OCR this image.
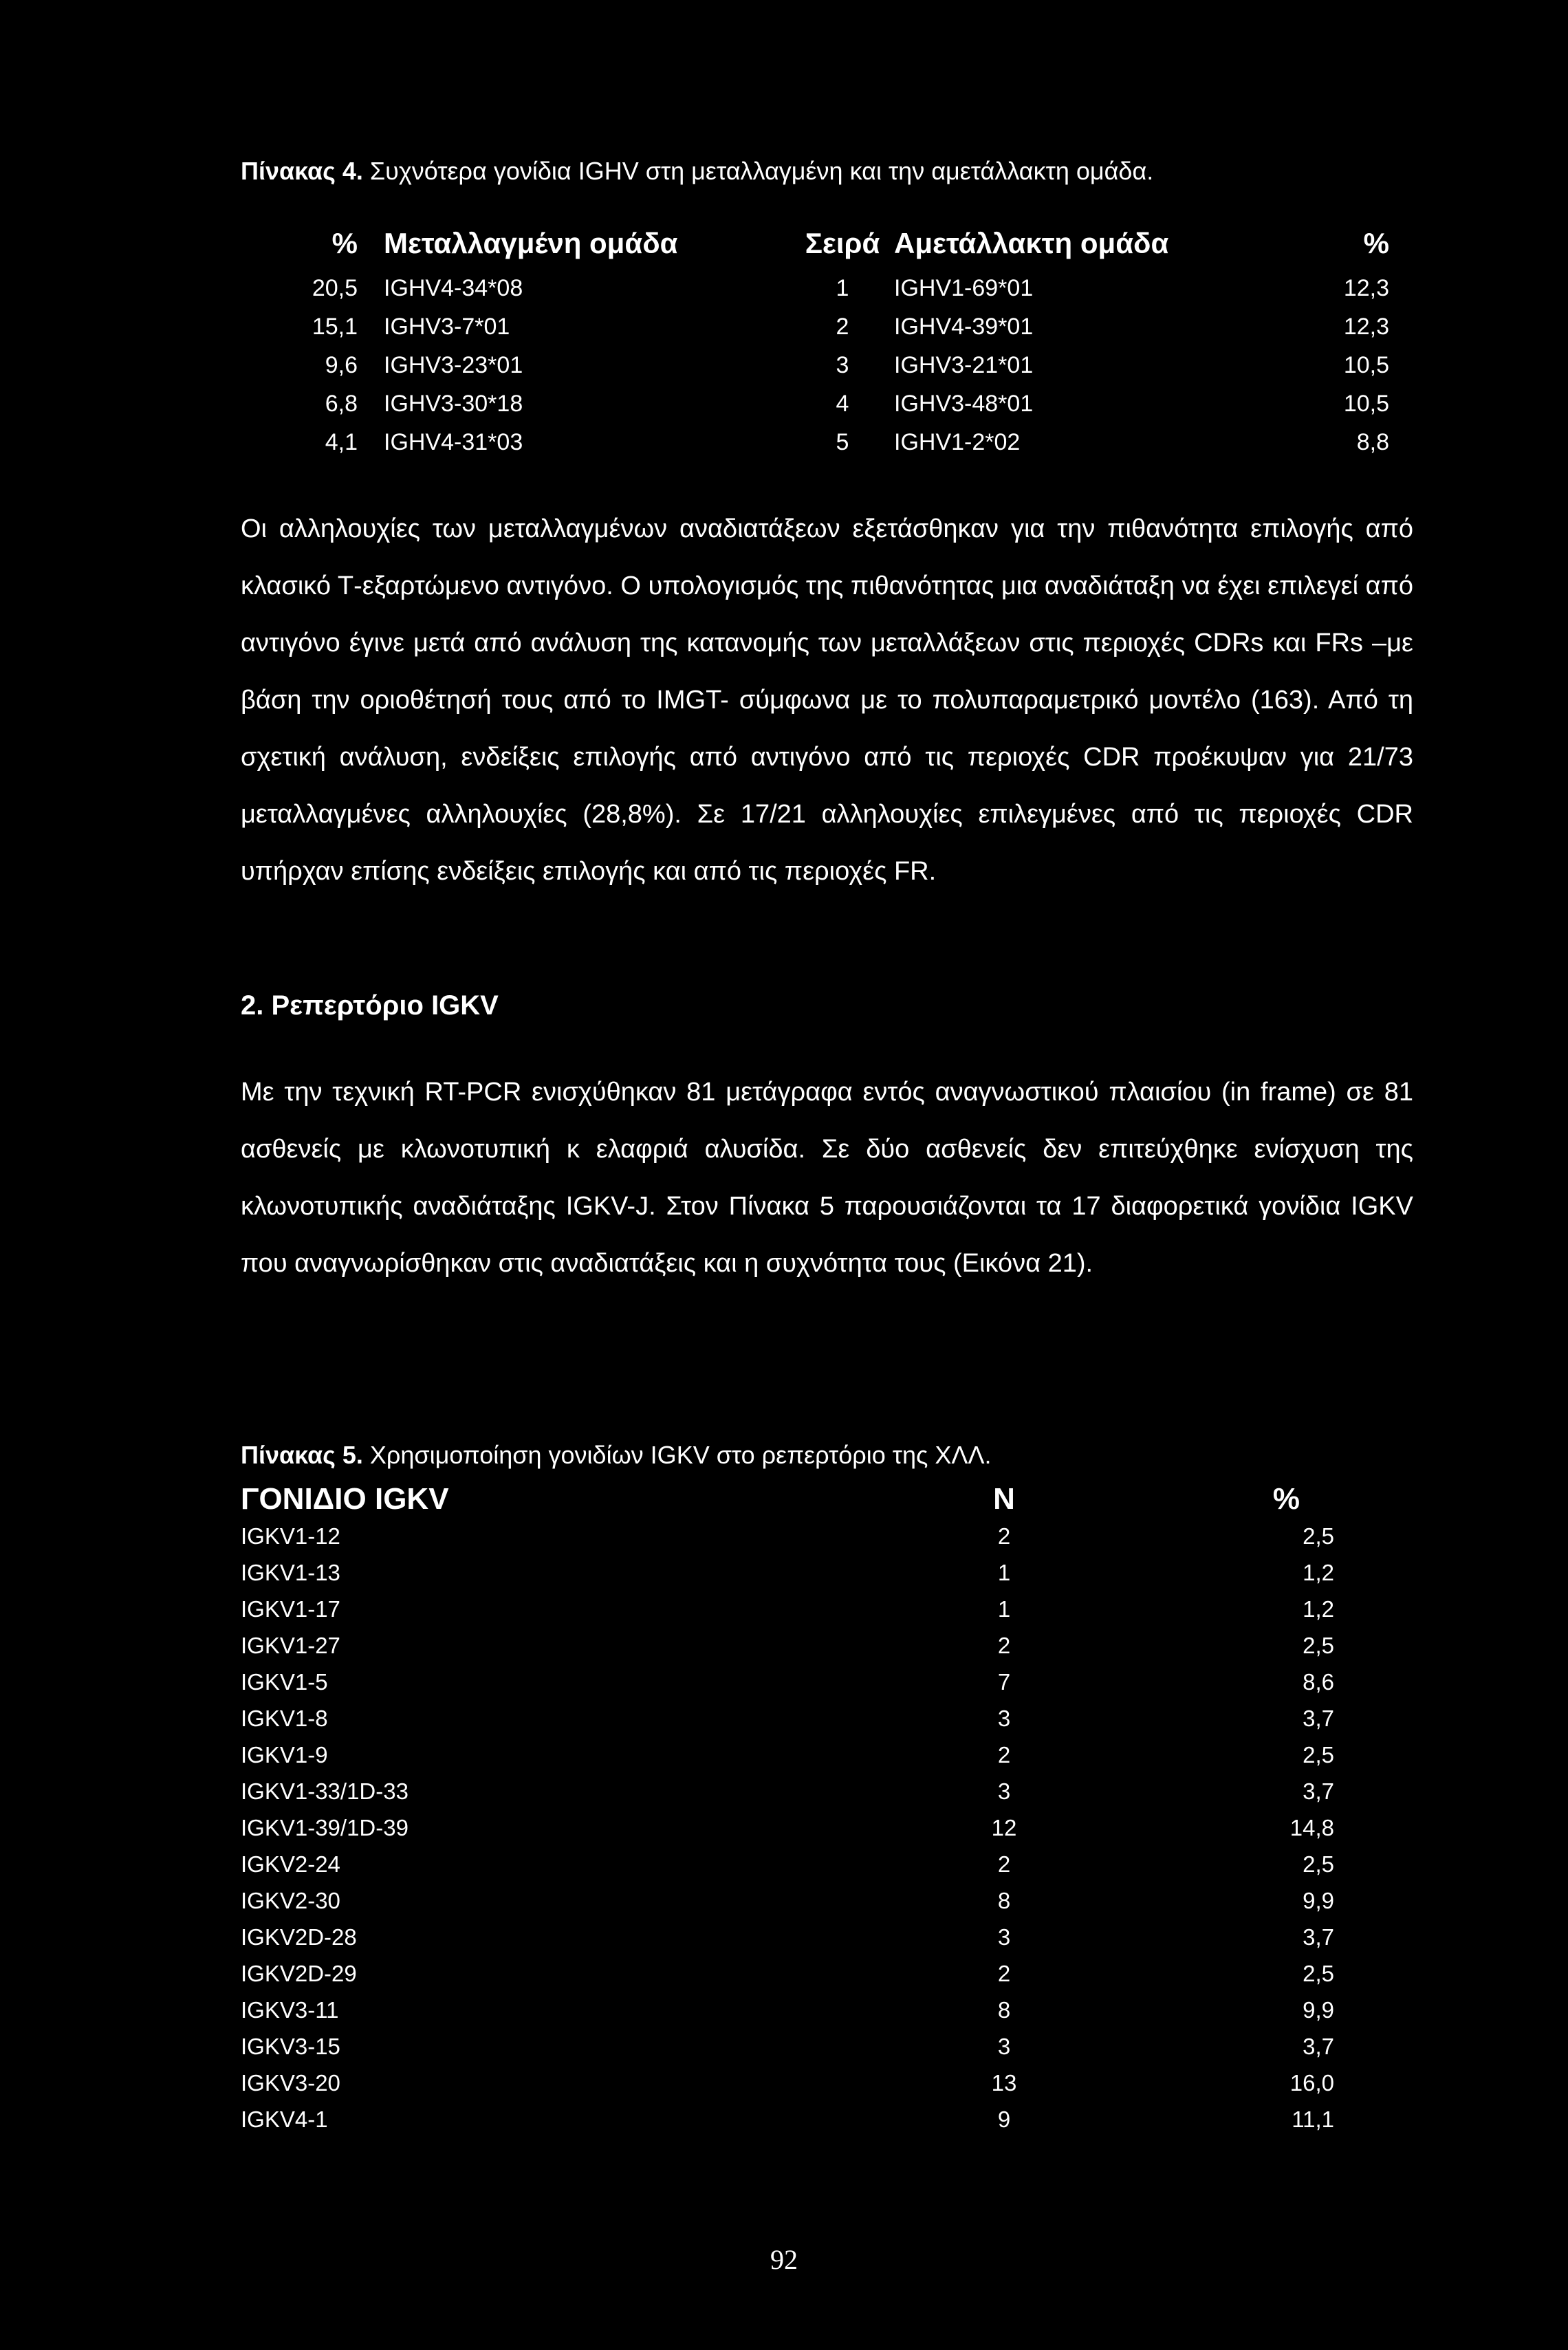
Πίνακας 4. Συχνότερα γονίδια IGHV στη μεταλλαγμένη και την αμετάλλακτη ομάδα.
% Μεταλλαγμένη ομάδα	Σειρά Αμετάλλακτη ομάδα	%
20,5 IGHV4-34*08	1	IGHV1-69*01	12,3
15,1 IGHV3-7*01	2	IGHV4-39*01	12,3
9,6 IGHV3-23*01	3	IGHV3-21*01	10,5
6,8 IGHV3-30*18	4	IGHV3-48*01	10,5
4,1 IGHV4-31*03	5	IGHV1-2*02	8,8
Οι αλληλουχίες των μεταλλαγμένων αναδιατάξεων εξετάσθηκαν για την πιθανότητα επιλογής από κλασικό Τ-εξαρτώμενο αντιγόνο. Ο υπολογισμός της πιθανότητας μια αναδιάταξη να έχει επιλεγεί από αντιγόνο έγινε μετά από ανάλυση της κατανομής των μεταλλάξεων στις περιοχές CDRs και FRs –με βάση την οριοθέτησή τους από το IMGT- σύμφωνα με το πολυπαραμετρικό μοντέλο (163). Από τη σχετική ανάλυση, ενδείξεις επιλογής από αντιγόνο από τις περιοχές CDR προέκυψαν για 21/73 μεταλλαγμένες αλληλουχίες (28,8%). Σε 17/21 αλληλουχίες επιλεγμένες από τις περιοχές CDR υπήρχαν επίσης ενδείξεις επιλογής και από τις περιοχές FR.
2. Ρεπερτόριο IGKV
Με την τεχνική RT-PCR ενισχύθηκαν 81 μετάγραφα εντός αναγνωστικού πλαισίου (in frame) σε 81 ασθενείς με κλωνοτυπική κ ελαφριά αλυσίδα. Σε δύο ασθενείς δεν επιτεύχθηκε ενίσχυση της κλωνοτυπικής αναδιάταξης IGKV-J. Στον Πίνακα 5 παρουσιάζονται τα 17 διαφορετικά γονίδια IGKV που αναγνωρίσθηκαν στις αναδιατάξεις και η συχνότητα τους (Εικόνα 21).
Πίνακας 5. Χρησιμοποίηση γονιδίων IGKV στο ρεπερτόριο της ΧΛΛ.
ΓΟΝΙΔΙΟ IGKV	N	%
IGKV1-12	2	2,5
IGKV1-13	1	1,2
IGKV1-17	1	1,2
IGKV1-27	2	2,5
IGKV1-5	7	8,6
IGKV1-8	3	3,7
IGKV1-9	2	2,5
IGKV1-33/1D-33	3	3,7
IGKV1-39/1D-39	12	14,8
IGKV2-24	2	2,5
IGKV2-30	8	9,9
IGKV2D-28	3	3,7
IGKV2D-29	2	2,5
IGKV3-11	8	9,9
IGKV3-15	3	3,7
IGKV3-20	13	16,0
IGKV4-1	9	11,1
92
